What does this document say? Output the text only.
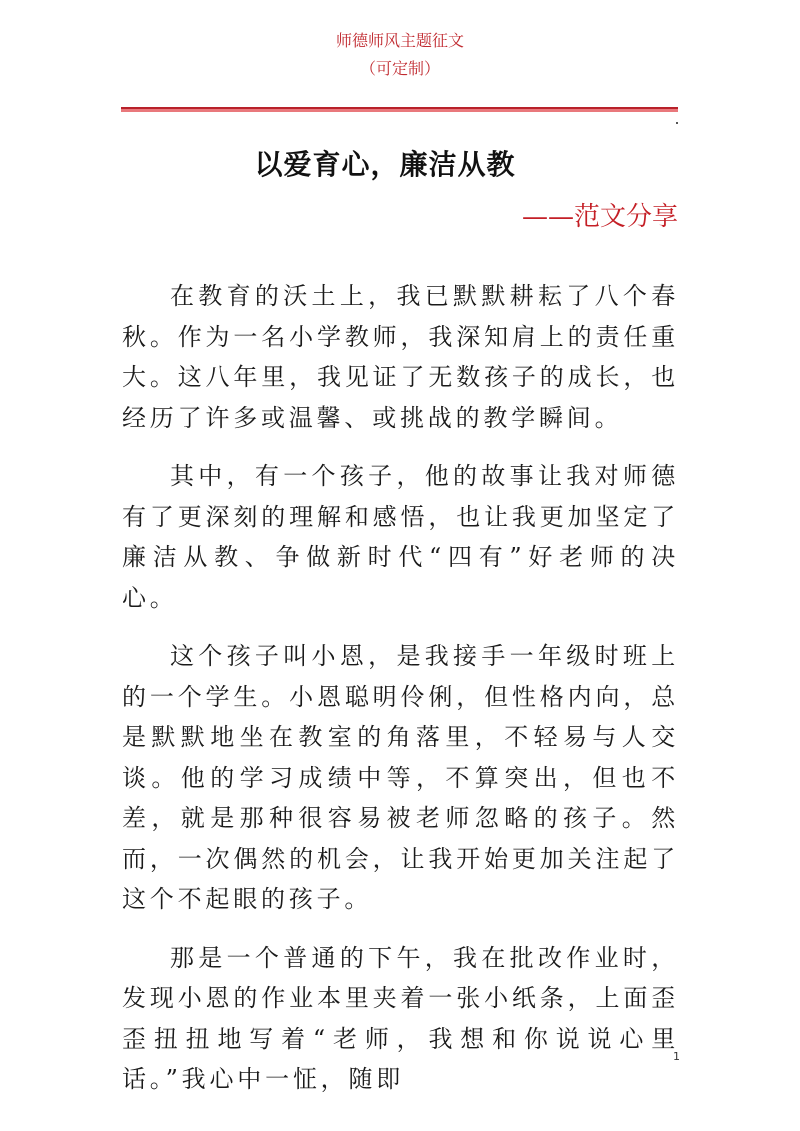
师德师风主题征文
（可定制）
以爱育心，廉洁从教
——范文分享

在教育的沃土上，我已默默耕耘了八个春秋。作为一名小学教师，我深知肩上的责任重大。这八年里，我见证了无数孩子的成长，也经历了许多或温馨、或挑战的教学瞬间。

其中，有一个孩子，他的故事让我对师德有了更深刻的理解和感悟，也让我更加坚定了廉洁从教、争做新时代“四有”好老师的决心。

这个孩子叫小恩，是我接手一年级时班上的一个学生。小恩聪明伶俐，但性格内向，总是默默地坐在教室的角落里，不轻易与人交谈。他的学习成绩中等，不算突出，但也不差，就是那种很容易被老师忽略的孩子。然而，一次偶然的机会，让我开始更加关注起了这个不起眼的孩子。

那是一个普通的下午，我在批改作业时，发现小恩的作业本里夹着一张小纸条，上面歪歪扭扭地写着“老师，我想和你说说心里话。”我心中一怔，随即

1
